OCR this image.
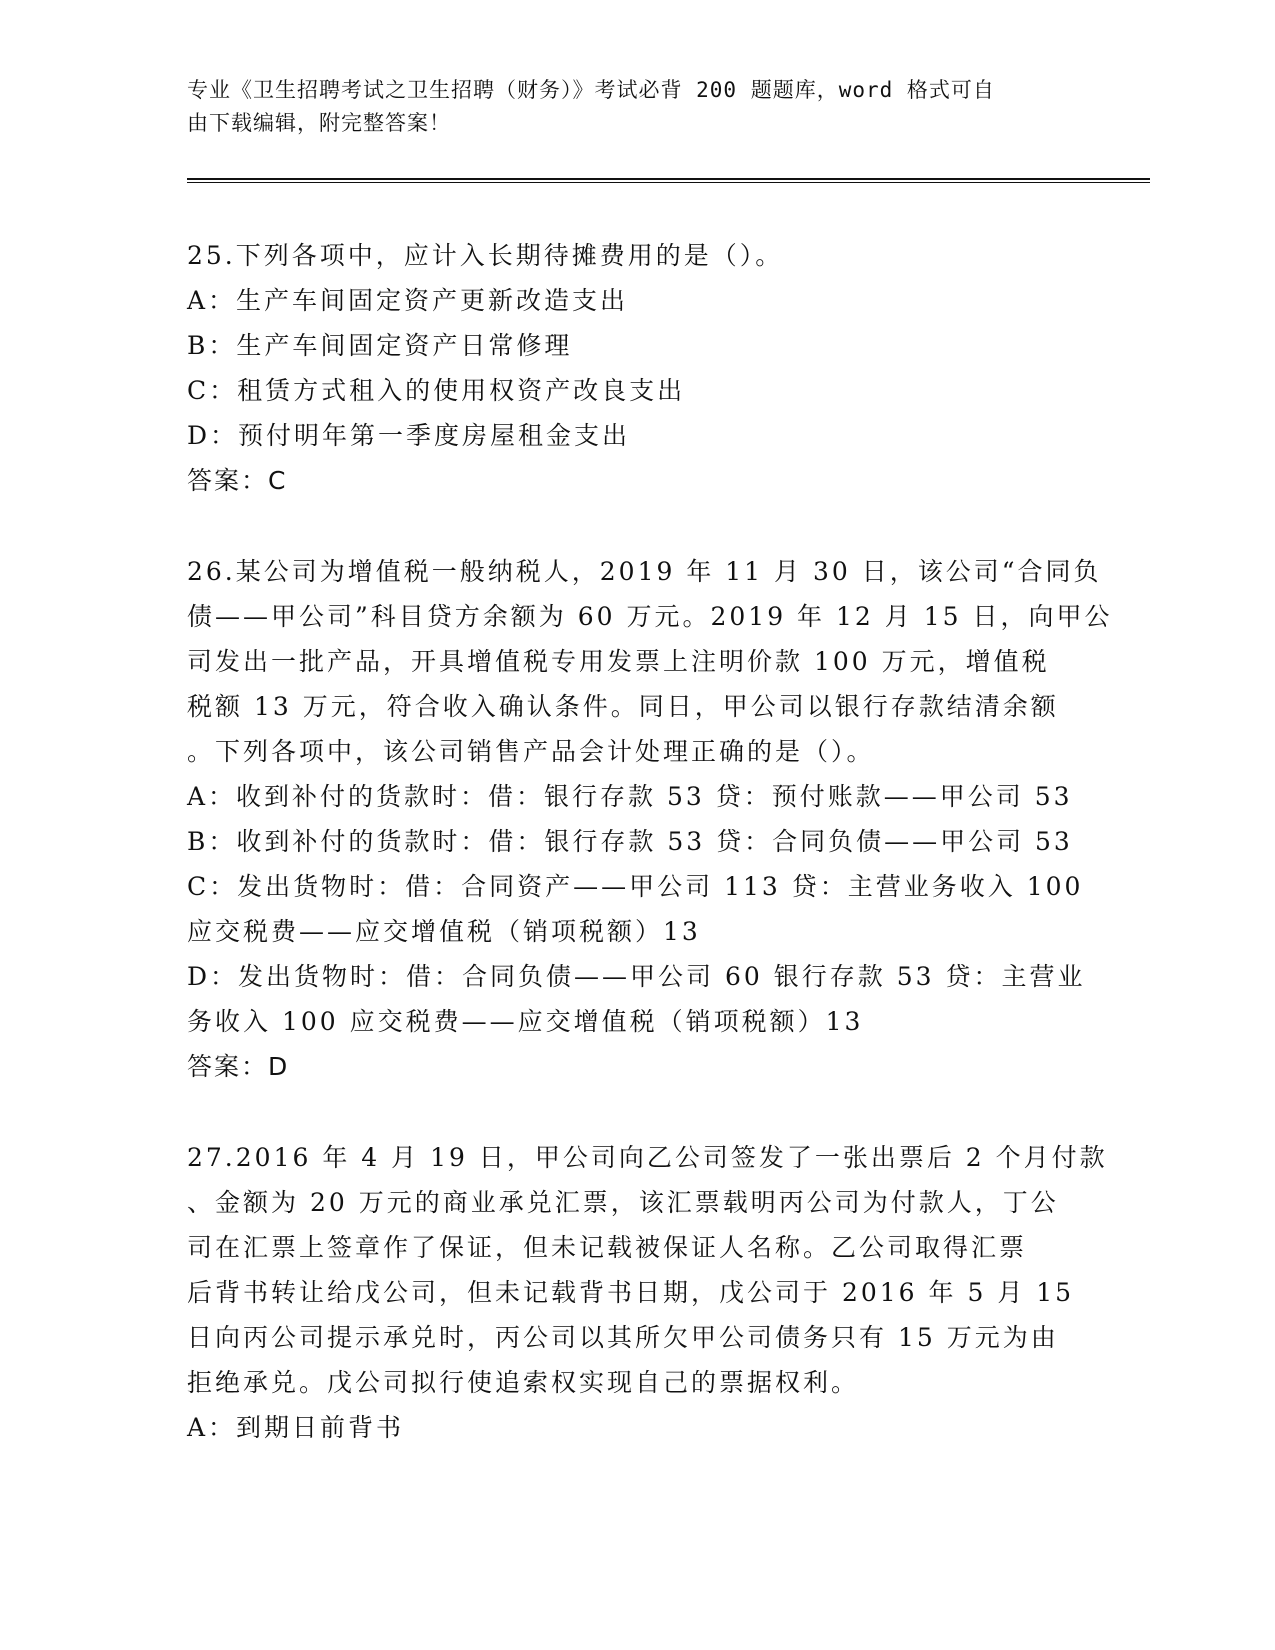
专业《卫生招聘考试之卫生招聘（财务）》考试必背 200 题题库，word 格式可自
由下载编辑，附完整答案！
25.下列各项中，应计入长期待摊费用的是（）。
A：生产车间固定资产更新改造支出
B：生产车间固定资产日常修理
C：租赁方式租入的使用权资产改良支出
D：预付明年第一季度房屋租金支出
答案：C
26.某公司为增值税一般纳税人，2019 年 11 月 30 日，该公司“合同负
债——甲公司”科目贷方余额为 60 万元。2019 年 12 月 15 日，向甲公
司发出一批产品，开具增值税专用发票上注明价款 100 万元，增值税
税额 13 万元，符合收入确认条件。同日，甲公司以银行存款结清余额
。下列各项中，该公司销售产品会计处理正确的是（）。
A：收到补付的货款时：借：银行存款 53 贷：预付账款——甲公司 53
B：收到补付的货款时：借：银行存款 53 贷：合同负债——甲公司 53
C：发出货物时：借：合同资产——甲公司 113 贷：主营业务收入 100
应交税费——应交增值税（销项税额）13
D：发出货物时：借：合同负债——甲公司 60 银行存款 53 贷：主营业
务收入 100 应交税费——应交增值税（销项税额）13
答案：D
27.2016 年 4 月 19 日，甲公司向乙公司签发了一张出票后 2 个月付款
、金额为 20 万元的商业承兑汇票，该汇票载明丙公司为付款人，丁公
司在汇票上签章作了保证，但未记载被保证人名称。乙公司取得汇票
后背书转让给戊公司，但未记载背书日期，戊公司于 2016 年 5 月 15
日向丙公司提示承兑时，丙公司以其所欠甲公司债务只有 15 万元为由
拒绝承兑。戊公司拟行使追索权实现自己的票据权利。
A：到期日前背书
